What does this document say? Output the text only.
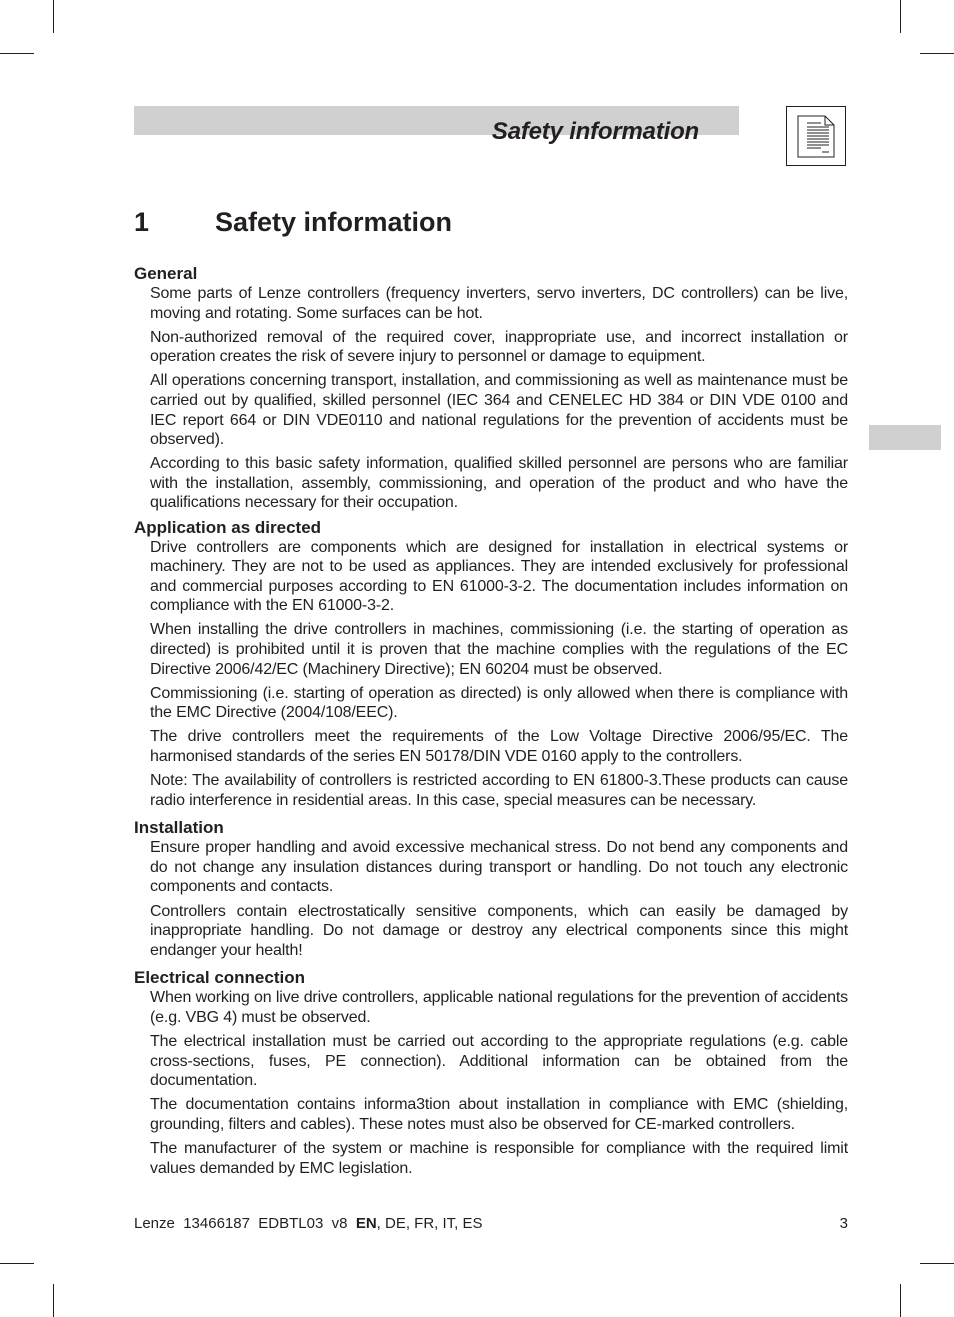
Safety information
1 Safety information
General

Some parts of Lenze controllers (frequency inverters, servo inverters, DC controllers) can be live, moving and rotating. Some surfaces can be hot.

Non-authorized removal of the required cover, inappropriate use, and incorrect installation or operation creates the risk of severe injury to personnel or damage to equipment.

All operations concerning transport, installation, and commissioning as well as maintenance must be carried out by qualified, skilled personnel (IEC 364 and CENELEC HD 384 or DIN VDE 0100 and IEC report 664 or DIN VDE0110 and national regulations for the prevention of accidents must be observed).

According to this basic safety information, qualified skilled personnel are persons who are familiar with the installation, assembly, commissioning, and operation of the product and who have the qualifications necessary for their occupation.

Application as directed

Drive controllers are components which are designed for installation in electrical systems or machinery. They are not to be used as appliances. They are intended exclusively for professional and commercial purposes according to EN 61000-3-2. The documentation includes information on compliance with the EN 61000-3-2.

When installing the drive controllers in machines, commissioning (i.e. the starting of operation as directed) is prohibited until it is proven that the machine complies with the regulations of the EC Directive 2006/42/EC (Machinery Directive); EN 60204 must be observed.

Commissioning (i.e. starting of operation as directed) is only allowed when there is compliance with the EMC Directive (2004/108/EEC).

The drive controllers meet the requirements of the Low Voltage Directive 2006/95/EC. The harmonised standards of the series EN 50178/DIN VDE 0160 apply to the controllers.

Note: The availability of controllers is restricted according to EN 61800-3.These products can cause radio interference in residential areas. In this case, special measures can be necessary.

Installation

Ensure proper handling and avoid excessive mechanical stress. Do not bend any components and do not change any insulation distances during transport or handling. Do not touch any electronic components and contacts.

Controllers contain electrostatically sensitive components, which can easily be damaged by inappropriate handling. Do not damage or destroy any electrical components since this might endanger your health!

Electrical connection

When working on live drive controllers, applicable national regulations for the prevention of accidents (e.g. VBG 4) must be observed.

The electrical installation must be carried out according to the appropriate regulations (e.g. cable cross-sections, fuses, PE connection). Additional information can be obtained from the documentation.

The documentation contains informa3tion about installation in compliance with EMC (shielding, grounding, filters and cables). These notes must also be observed for CE-marked controllers.

The manufacturer of the system or machine is responsible for compliance with the required limit values demanded by EMC legislation.

Lenze  13466187  EDBTL03  v8  EN, DE, FR, IT, ES	3
